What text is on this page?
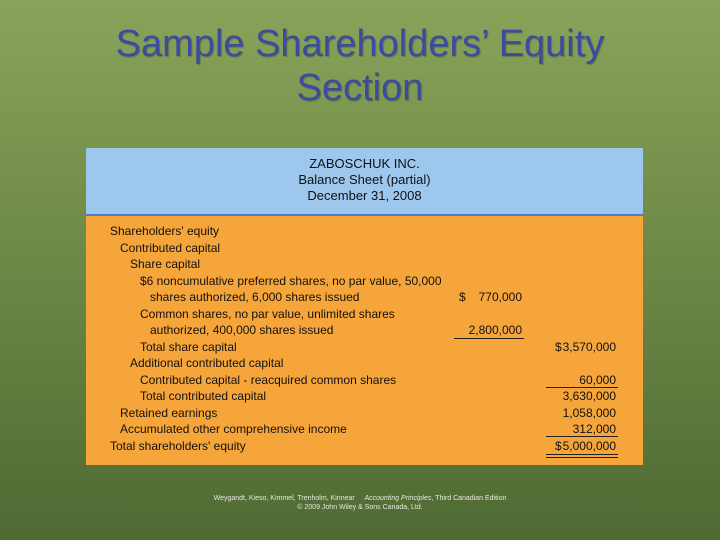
Sample Shareholders’ Equity
Section
ZABOSCHUK INC.
Balance Sheet (partial)
December 31, 2008
Shareholders' equity
Contributed capital
Share capital
$6 noncumulative preferred shares, no par value, 50,000
shares authorized, 6,000 shares issued
Common shares, no par value, unlimited shares
authorized, 400,000 shares issued
Total share capital
Additional contributed capital
Contributed capital - reacquired common shares
Total contributed capital
Retained earnings
Accumulated other comprehensive income
Total shareholders' equity
$	770,000
2,800,000
$ 3,570,000
60,000
3,630,000
1,058,000
312,000
$ 5,000,000
Weygandt, Kieso, Kimmel, Trenholm, Kinnear Accounting Principles, Third Canadian Edition
© 2009 John Wiley & Sons Canada, Ltd.
